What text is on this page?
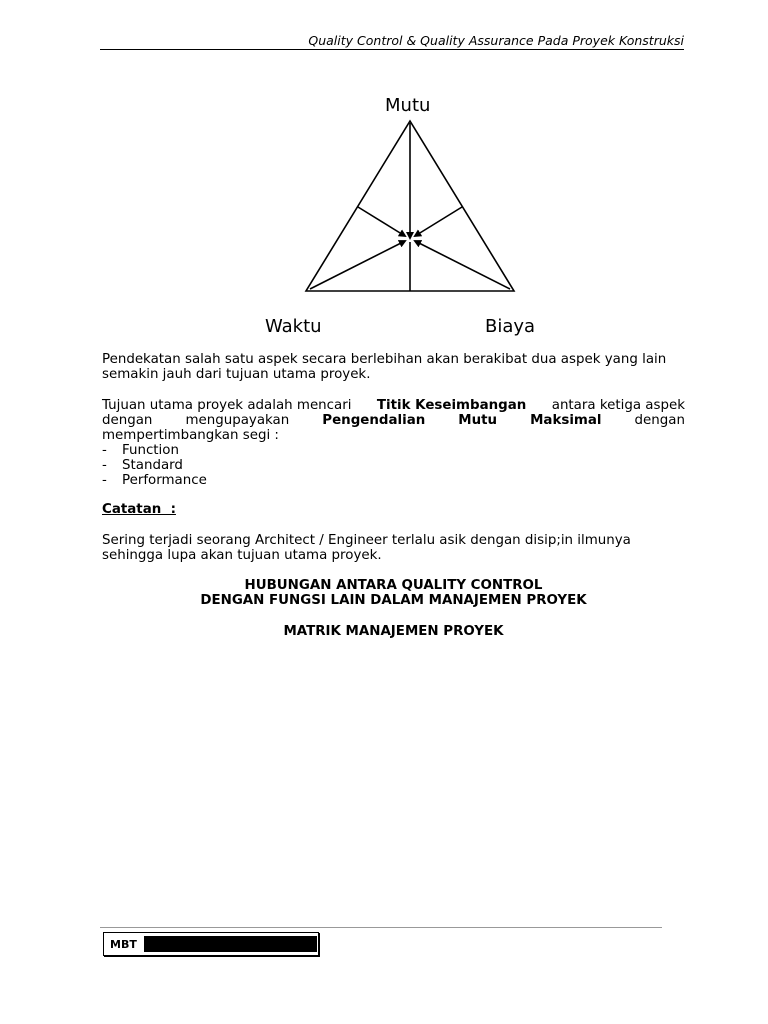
Quality Control & Quality Assurance Pada Proyek Konstruksi
Mutu
Waktu	Biaya
Pendekatan salah satu aspek secara berlebihan akan berakibat dua aspek yang lain
semakin jauh dari tujuan utama proyek.
Tujuan utama proyek adalah mencari Titik Keseimbangan antara ketiga aspek
dengan mengupayakan Pengendalian Mutu Maksimal dengan
mempertimbangkan segi :
- Function
- Standard
- Performance
Catatan  :
Sering terjadi seorang Architect / Engineer terlalu asik dengan disip;in ilmunya
sehingga lupa akan tujuan utama proyek.
HUBUNGAN ANTARA QUALITY CONTROL
DENGAN FUNGSI LAIN DALAM MANAJEMEN PROYEK
MATRIK MANAJEMEN PROYEK
MBT
